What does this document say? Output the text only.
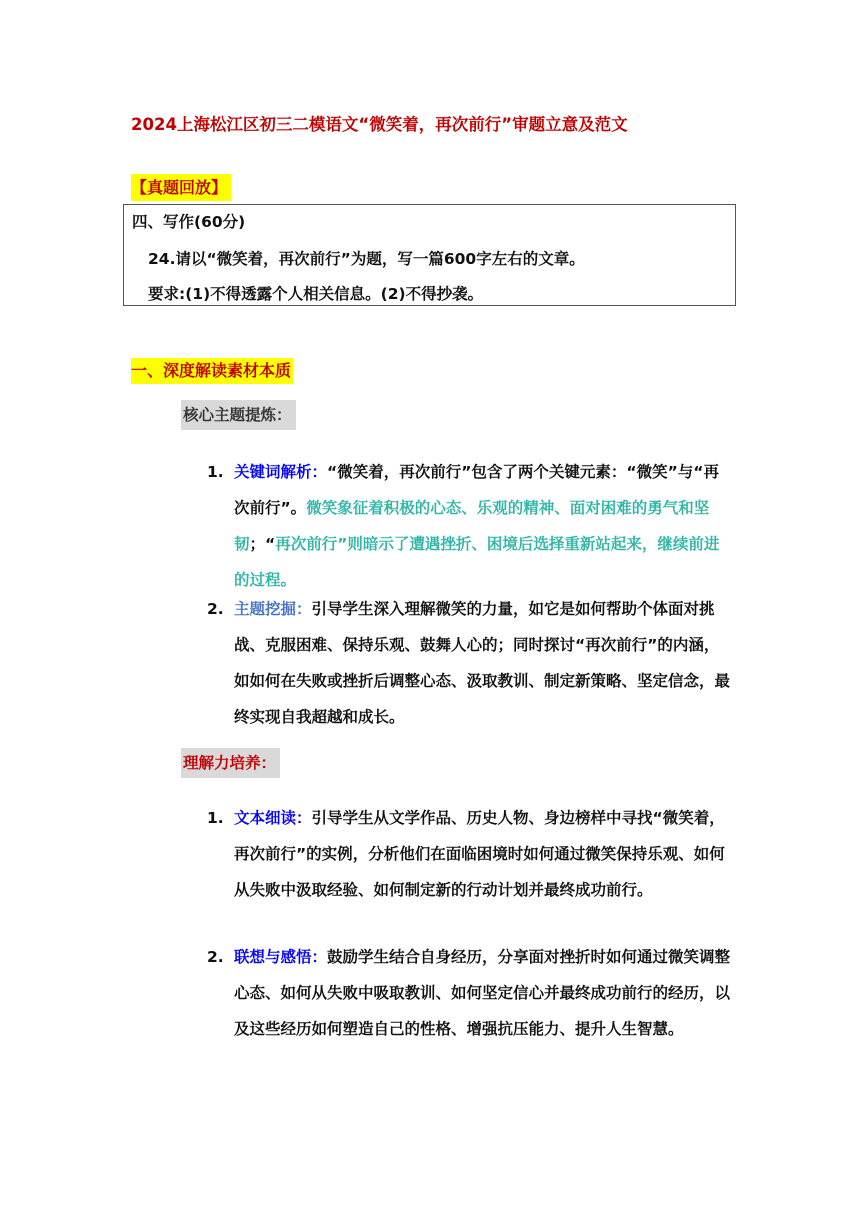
2024上海松江区初三二模语文“微笑着，再次前行”审题立意及范文
【真题回放】
四、写作(60分)
24.请以“微笑着，再次前行”为题，写一篇600字左右的文章。
要求:(1)不得透露个人相关信息。(2)不得抄袭。
一、深度解读素材本质
核心主题提炼：
1. 关键词解析：“微笑着，再次前行”包含了两个关键元素：“微笑”与“再次前行”。微笑象征着积极的心态、乐观的精神、面对困难的勇气和坚韧；“再次前行”则暗示了遭遇挫折、困境后选择重新站起来，继续前进的过程。
2. 主题挖掘：引导学生深入理解微笑的力量，如它是如何帮助个体面对挑战、克服困难、保持乐观、鼓舞人心的；同时探讨“再次前行”的内涵，如如何在失败或挫折后调整心态、汲取教训、制定新策略、坚定信念，最终实现自我超越和成长。
理解力培养：
1. 文本细读：引导学生从文学作品、历史人物、身边榜样中寻找“微笑着，再次前行”的实例，分析他们在面临困境时如何通过微笑保持乐观、如何从失败中汲取经验、如何制定新的行动计划并最终成功前行。
2. 联想与感悟：鼓励学生结合自身经历，分享面对挫折时如何通过微笑调整心态、如何从失败中吸取教训、如何坚定信心并最终成功前行的经历，以及这些经历如何塑造自己的性格、增强抗压能力、提升人生智慧。
